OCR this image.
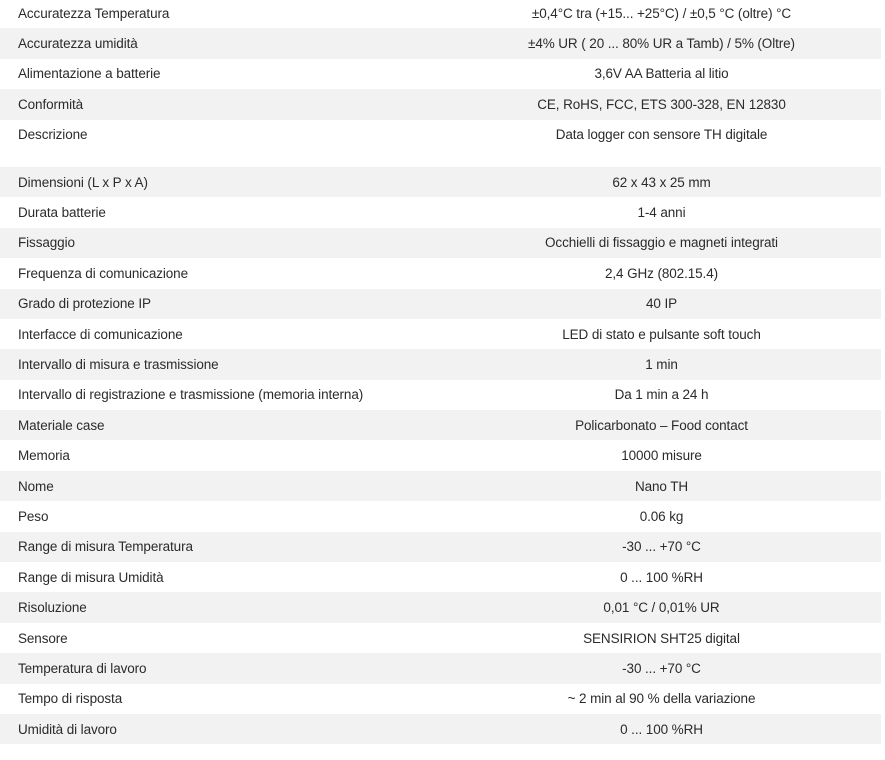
Accuratezza Temperatura	±0,4°C tra (+15... +25°C) / ±0,5 °C (oltre) °C
Accuratezza umidità	±4% UR ( 20 ... 80% UR a Tamb) / 5% (Oltre)
Alimentazione a batterie	3,6V AA Batteria al litio
Conformità	CE, RoHS, FCC, ETS 300-328, EN 12830
Descrizione	Data logger con sensore TH digitale
Dimensioni (L x P x A)	62 x 43 x 25 mm
Durata batterie	1-4 anni
Fissaggio	Occhielli di fissaggio e magneti integrati
Frequenza di comunicazione	2,4 GHz (802.15.4)
Grado di protezione IP	40 IP
Interfacce di comunicazione	LED di stato e pulsante soft touch
Intervallo di misura e trasmissione	1 min
Intervallo di registrazione e trasmissione (memoria interna)	Da 1 min a 24 h
Materiale case	Policarbonato – Food contact
Memoria	10000 misure
Nome	Nano TH
Peso	0.06 kg
Range di misura Temperatura	-30 ... +70 °C
Range di misura Umidità	0 ... 100 %RH
Risoluzione	0,01 °C / 0,01% UR
Sensore	SENSIRION SHT25 digital
Temperatura di lavoro	-30 ... +70 °C
Tempo di risposta	~ 2 min al 90 % della variazione
Umidità di lavoro	0 ... 100 %RH
